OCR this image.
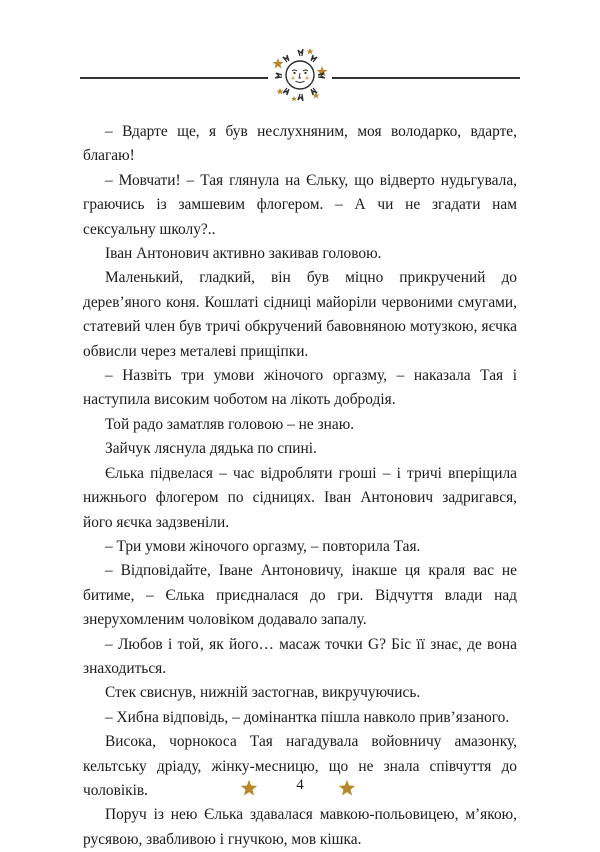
– Вдарте ще, я був неслухняним, моя володарко, вдарте, благаю!

– Мовчати! – Тая глянула на Єльку, що відверто нудьгувала, граючись із замшевим флогером. – А чи не згадати нам сексуальну школу?..

Іван Антонович активно закивав головою.

Маленький, гладкий, він був міцно прикручений до дерев’яного коня. Кошлаті сідниці майоріли червоними смугами, статевий член був тричі обкручений бавовняною мотузкою, яєчка обвисли через металеві прищіпки.

– Назвіть три умови жіночого оргазму, – наказала Тая і наступила високим чоботом на лікоть добродія.

Той радо заматляв головою – не знаю.

Зайчук ляснула дядька по спині.

Єлька підвелася – час відробляти гроші – і тричі вперіщила нижнього флогером по сідницях. Іван Антонович задригався, його яєчка задзвеніли.

– Три умови жіночого оргазму, – повторила Тая.

– Відповідайте, Іване Антоновичу, інакше ця краля вас не битиме, – Єлька приєдналася до гри. Відчуття влади над знерухомленим чоловіком додавало запалу.

– Любов і той, як його… масаж точки G? Біс її знає, де вона знаходиться.

Стек свиснув, нижній застогнав, викручуючись.

– Хибна відповідь, – домінантка пішла навколо прив’язаного.

Висока, чорнокоса Тая нагадувала войовничу амазонку, кельтську дріаду, жінку-месницю, що не знала співчуття до чоловіків.

Поруч із нею Єлька здавалася мавкою-польовицею, м’якою, русявою, звабливою і гнучкою, мов кішка.

4
